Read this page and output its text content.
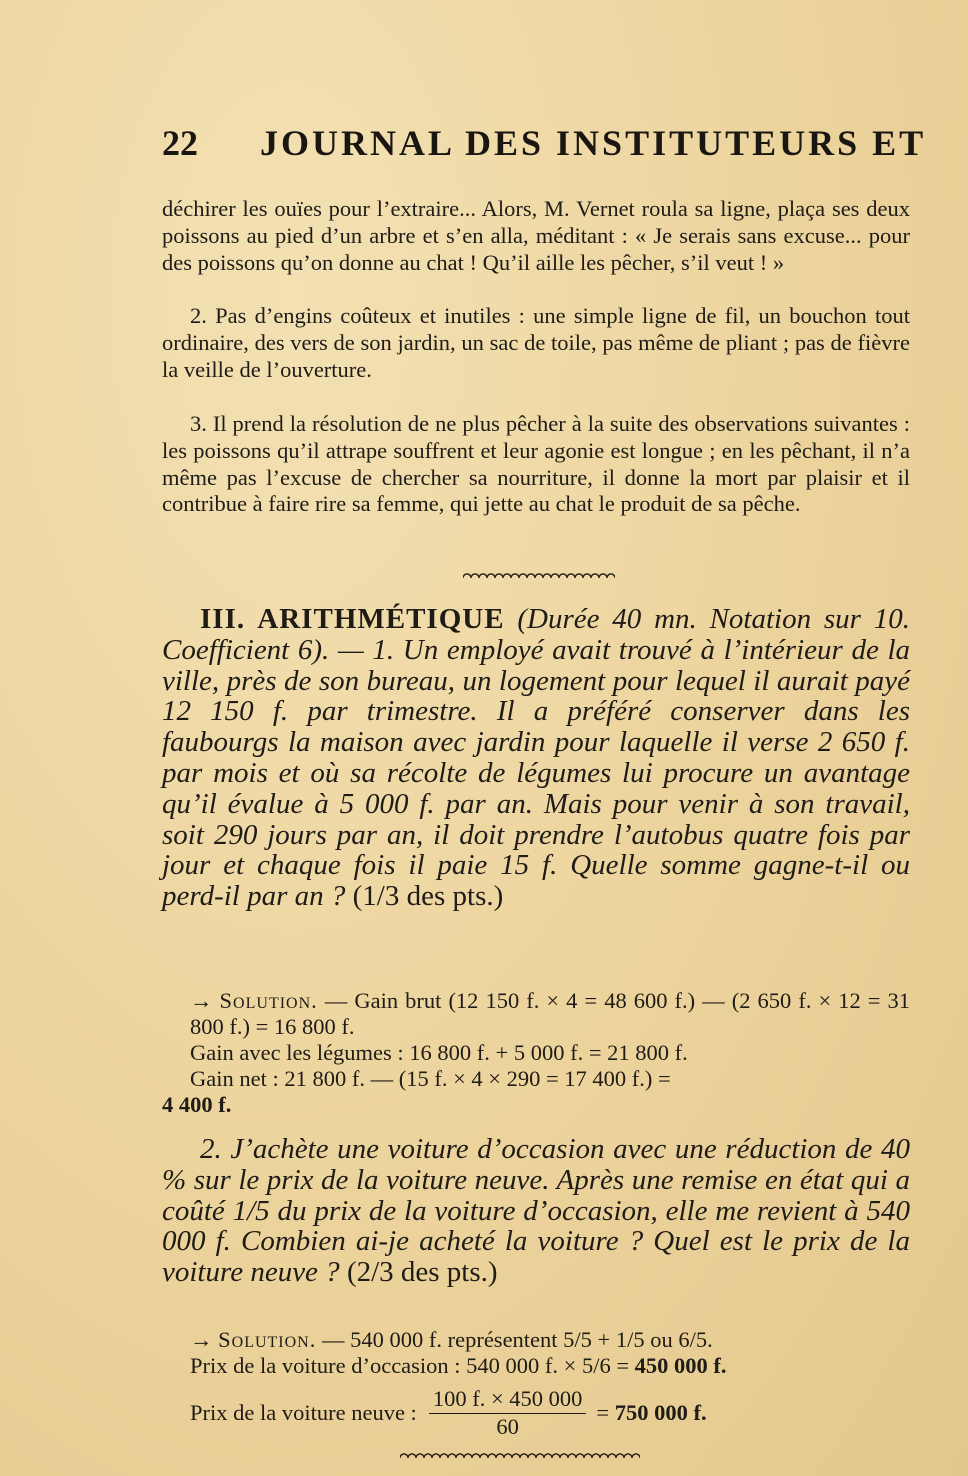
22 JOURNAL DES INSTITUTEURS ET
déchirer les ouïes pour l’extraire... Alors, M. Vernet roula sa ligne, plaça ses deux poissons au pied d’un arbre et s’en alla, méditant : « Je serais sans excuse... pour des poissons qu’on donne au chat ! Qu’il aille les pêcher, s’il veut ! »
2. Pas d’engins coûteux et inutiles : une simple ligne de fil, un bouchon tout ordinaire, des vers de son jardin, un sac de toile, pas même de pliant ; pas de fièvre la veille de l’ouverture.
3. Il prend la résolution de ne plus pêcher à la suite des observations suivantes : les poissons qu’il attrape souffrent et leur agonie est longue ; en les pêchant, il n’a même pas l’excuse de chercher sa nourriture, il donne la mort par plaisir et il contribue à faire rire sa femme, qui jette au chat le produit de sa pêche.
III. ARITHMÉTIQUE (Durée 40 mn. Notation sur 10. Coefficient 6). — 1. Un employé avait trouvé à l’intérieur de la ville, près de son bureau, un logement pour lequel il aurait payé 12 150 f. par trimestre. Il a préféré conserver dans les faubourgs la maison avec jardin pour laquelle il verse 2 650 f. par mois et où sa récolte de légumes lui procure un avantage qu’il évalue à 5 000 f. par an. Mais pour venir à son travail, soit 290 jours par an, il doit prendre l’autobus quatre fois par jour et chaque fois il paie 15 f. Quelle somme gagne-t-il ou perd-il par an ? (1/3 des pts.)
→ Solution. — Gain brut (12 150 f. × 4 = 48 600 f.) — (2 650 f. × 12 = 31 800 f.) = 16 800 f.
Gain avec les légumes : 16 800 f. + 5 000 f. = 21 800 f.
Gain net : 21 800 f. — (15 f. × 4 × 290 = 17 400 f.) =
4 400 f.
2. J’achète une voiture d’occasion avec une réduction de 40 % sur le prix de la voiture neuve. Après une remise en état qui a coûté 1/5 du prix de la voiture d’occasion, elle me revient à 540 000 f. Combien ai-je acheté la voiture ? Quel est le prix de la voiture neuve ? (2/3 des pts.)
→ Solution. — 540 000 f. représentent 5/5 + 1/5 ou 6/5.
Prix de la voiture d’occasion : 540 000 f. × 5/6 = 450 000 f.
Prix de la voiture neuve : $\frac{100 f. \times 450 000}{60}$ =
750 000 f.
